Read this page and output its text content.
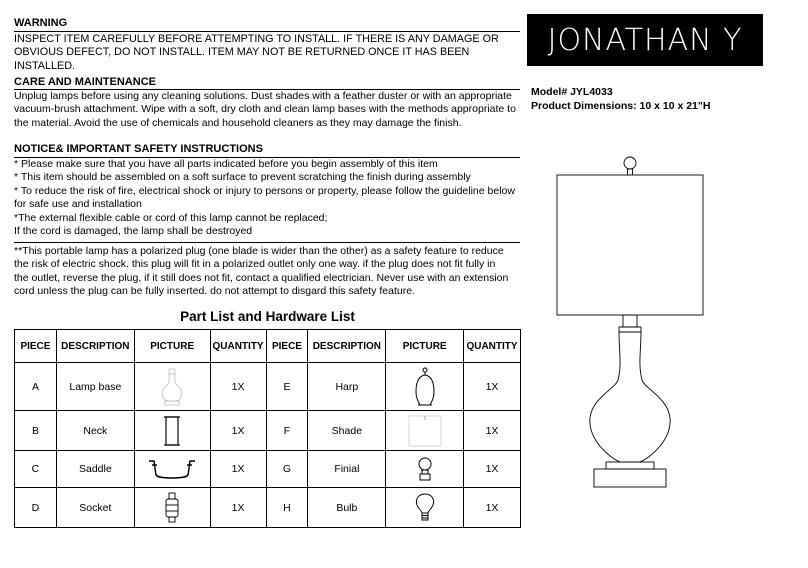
WARNING
INSPECT ITEM CAREFULLY BEFORE ATTEMPTING TO INSTALL. IF THERE IS ANY DAMAGE OR
OBVIOUS DEFECT, DO NOT INSTALL. ITEM MAY NOT BE RETURNED ONCE IT HAS BEEN
INSTALLED.
CARE AND MAINTENANCE
Unplug lamps before using any cleaning solutions. Dust shades with a feather duster or with an appropriate
vacuum-brush attachment. Wipe with a soft, dry cloth and clean lamp bases with the methods appropriate to
the material. Avoid the use of chemicals and household cleaners as they may damage the finish.
NOTICE& IMPORTANT SAFETY INSTRUCTIONS
* Please make sure that you have all parts indicated before you begin assembly of this item
* This item should be assembled on a soft surface to prevent scratching the finish during assembly
* To reduce the risk of fire, electrical shock or injury to persons or property, please follow the guideline below
for safe use and installation
*The external flexible cable or cord of this lamp cannot be replaced;
If the cord is damaged, the lamp shall be destroyed
**This portable lamp has a polarized plug (one blade is wider than the other) as a safety feature to reduce
the risk of electric shock. this plug will fit in a polarized outlet only one way. if the plug does not fit fully in
the outlet, reverse the plug, if it still does not fit, contact a qualified electrician. Never use with an extension
cord unless the plug can be fully inserted. do not attempt to disgard this safety feature.
JONATHAN Y
Model# JYL4033
Product Dimensions: 10 x 10 x 21"H
Part List and Hardware List
PIECE	DESCRIPTION	PICTURE	QUANTITY	PIECE	DESCRIPTION	PICTURE	QUANTITY
A	Lamp base		1X	E	Harp		1X
B	Neck		1X	F	Shade		1X
C	Saddle		1X	G	Finial		1X
D	Socket		1X	H	Bulb		1X
